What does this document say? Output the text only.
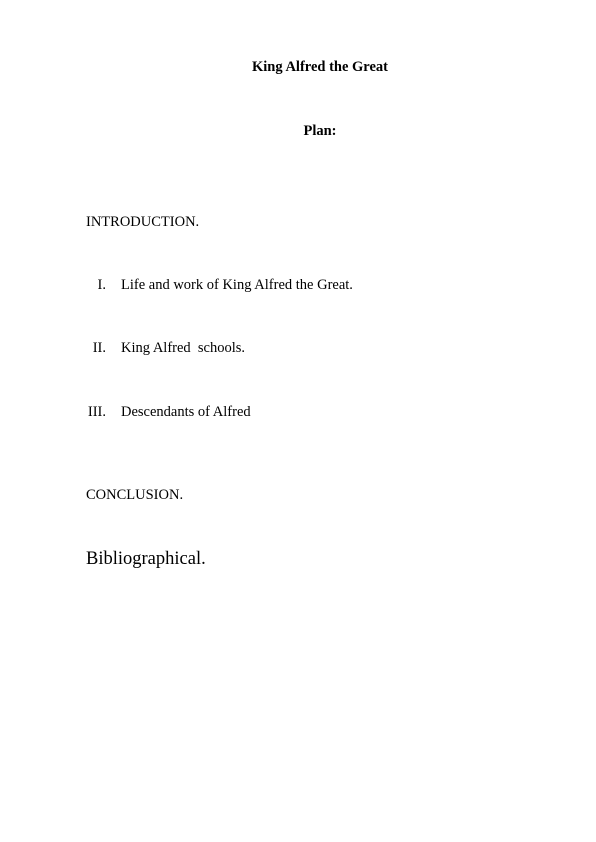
King Alfred the Great
Plan:
INTRODUCTION.
I. Life and work of King Alfred the Great.
II. King Alfred  schools.
III. Descendants of Alfred
CONCLUSION.
Bibliographical.
